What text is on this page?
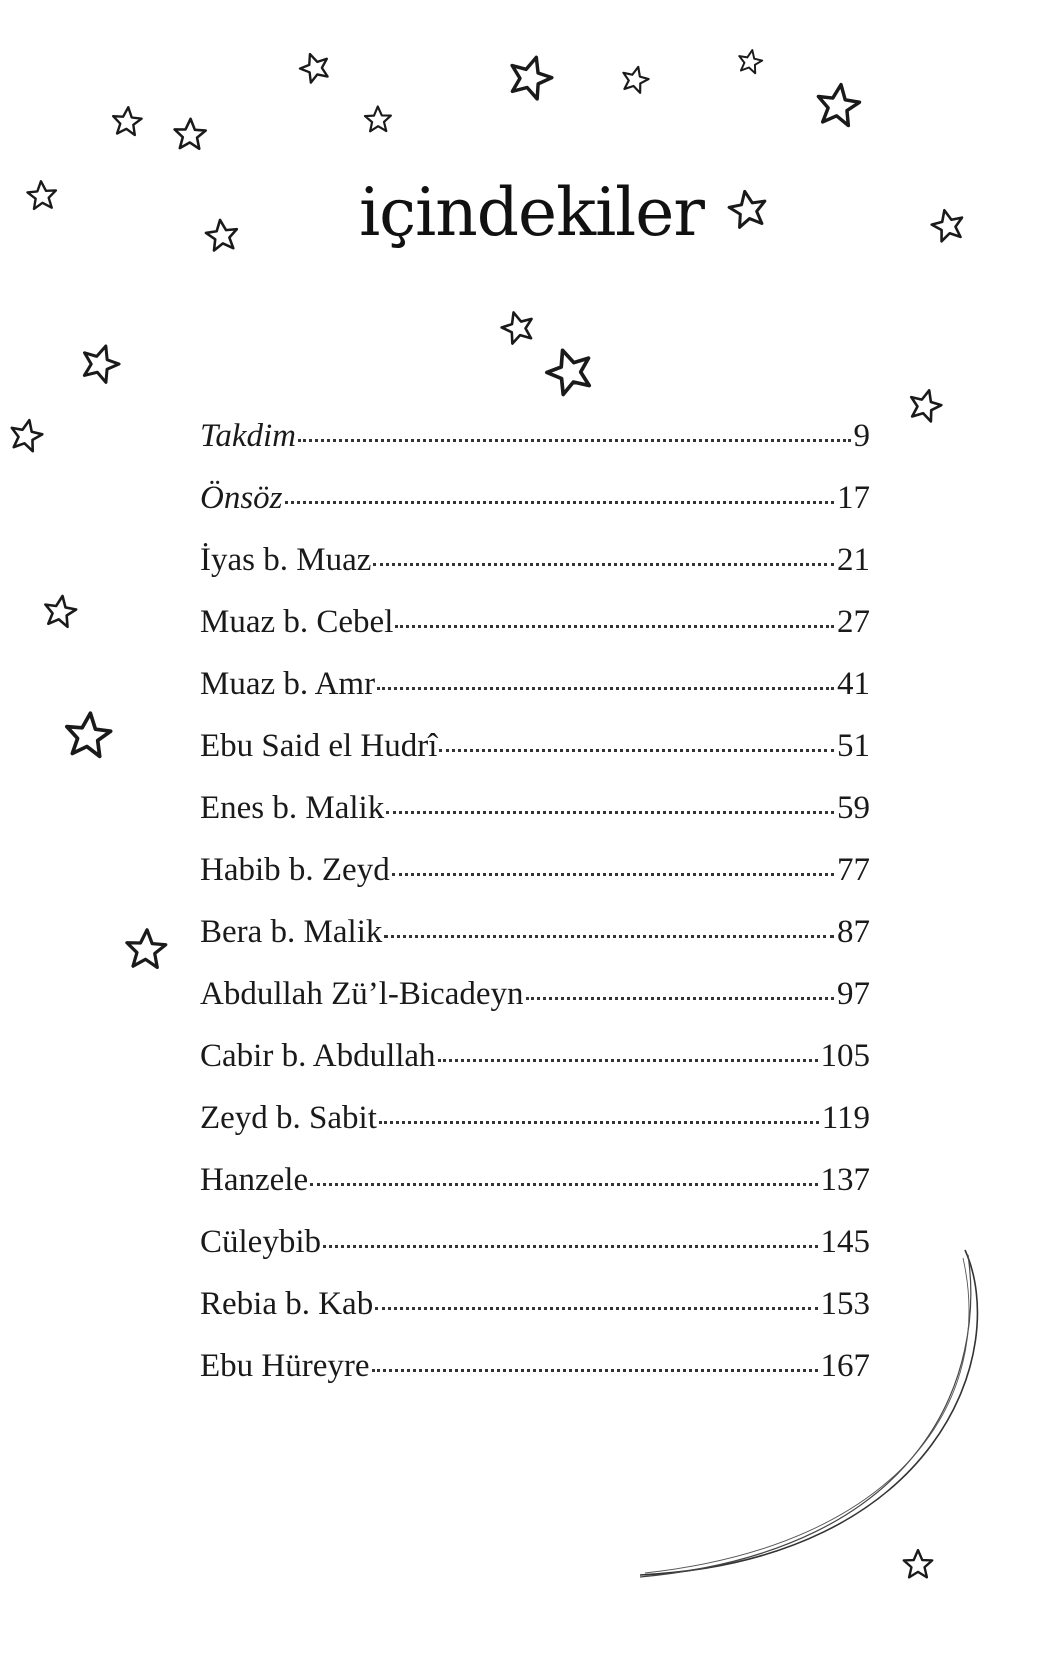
içindekiler
Takdim	9
Önsöz	17
İyas b. Muaz	21
Muaz b. Cebel	27
Muaz b. Amr	41
Ebu Said el Hudrî	51
Enes b. Malik	59
Habib b. Zeyd	77
Bera b. Malik	87
Abdullah Zü’l-Bicadeyn	97
Cabir b. Abdullah	105
Zeyd b. Sabit	119
Hanzele	137
Cüleybib	145
Rebia b. Kab	153
Ebu Hüreyre	167
